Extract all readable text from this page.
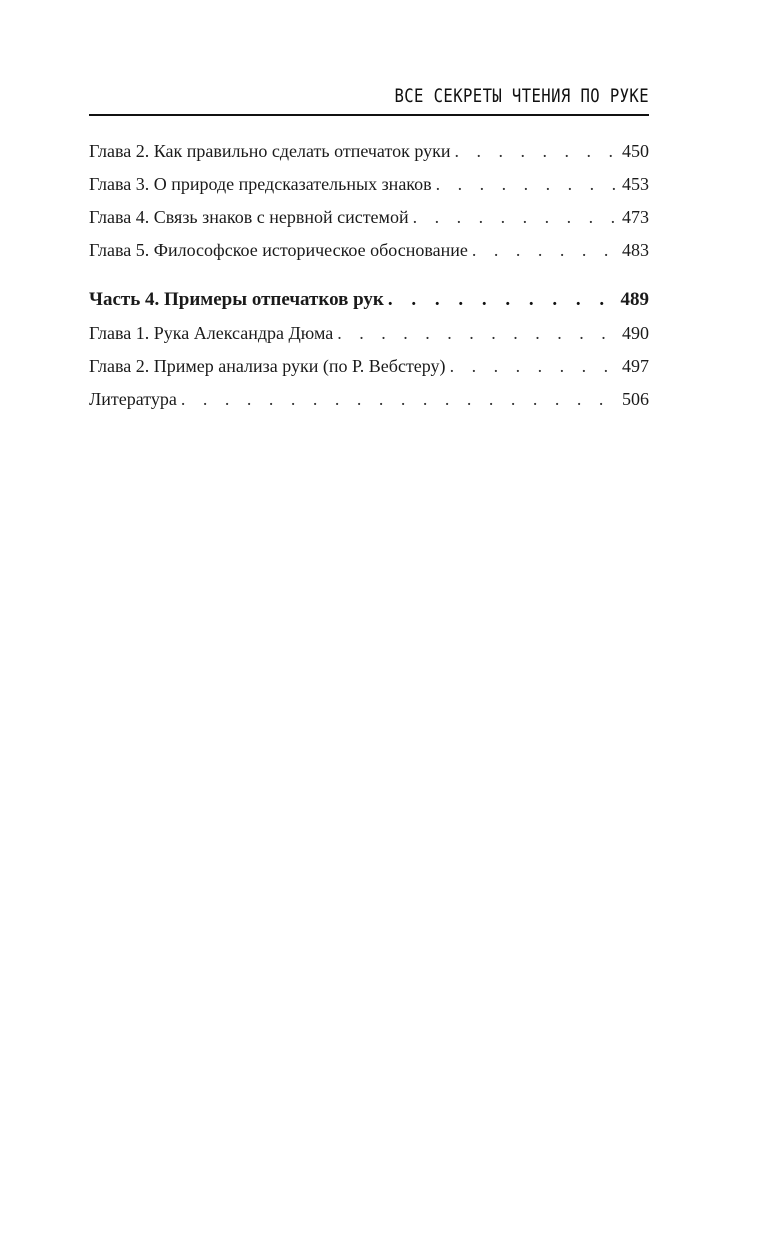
ВСЕ СЕКРЕТЫ ЧТЕНИЯ ПО РУКЕ
Глава 2. Как правильно сделать отпечаток руки . . .	450
Глава 3. О природе предсказательных знаков . . .	453
Глава 4. Связь знаков с нервной системой . . .	473
Глава 5. Философское историческое обоснование . . .	483
Часть 4. Примеры отпечатков рук . . .	489
Глава 1. Рука Александра Дюма . . .	490
Глава 2. Пример анализа руки (по Р. Вебстеру) . . .	497
Литература . . .	506
